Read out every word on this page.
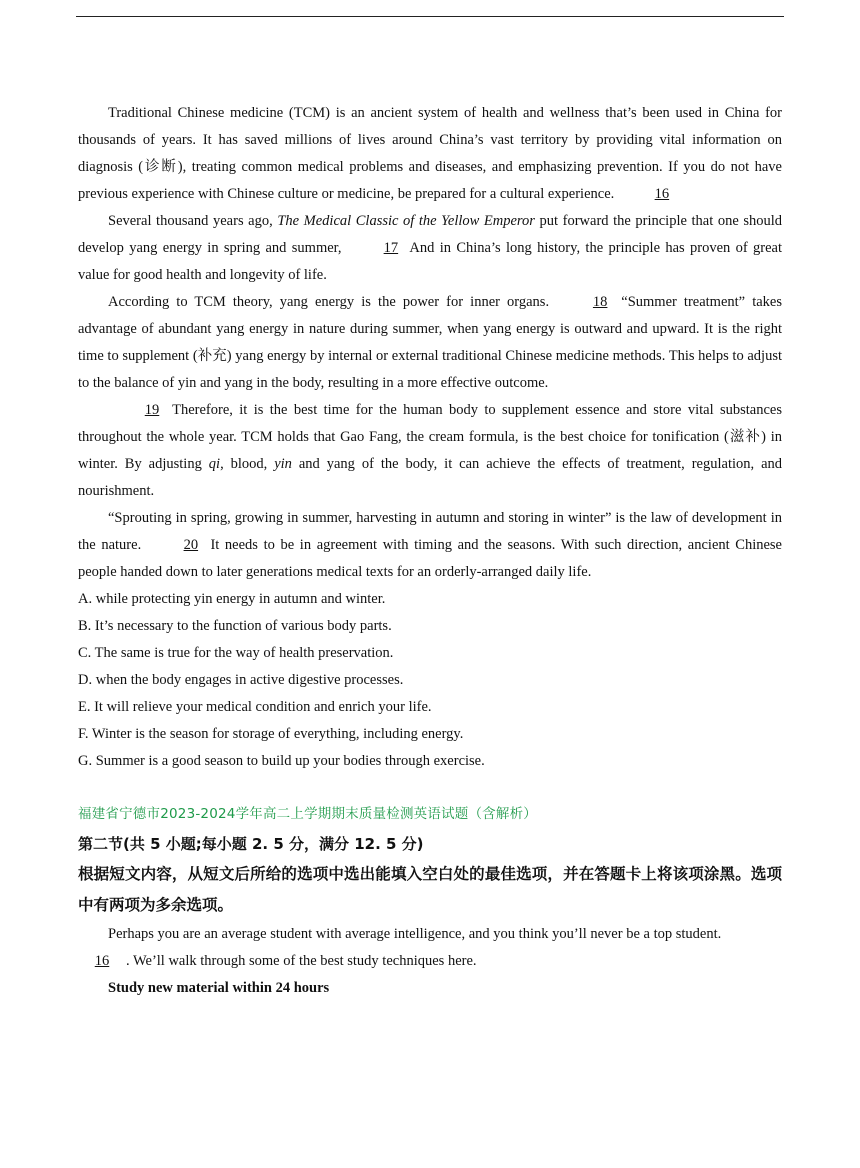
Traditional Chinese medicine (TCM) is an ancient system of health and wellness that’s been used in China for thousands of years. It has saved millions of lives around China’s vast territory by providing vital information on diagnosis (诊断), treating common medical problems and diseases, and emphasizing prevention. If you do not have previous experience with Chinese culture or medicine, be prepared for a cultural experience.	16

Several thousand years ago, The Medical Classic of the Yellow Emperor put forward the principle that one should develop yang energy in spring and summer,	17 And in China’s long history, the principle has proven of great value for good health and longevity of life.

According to TCM theory, yang energy is the power for inner organs.	18 “Summer treatment” takes advantage of abundant yang energy in nature during summer, when yang energy is outward and upward. It is the right time to supplement (补充) yang energy by internal or external traditional Chinese medicine methods. This helps to adjust to the balance of yin and yang in the body, resulting in a more effective outcome.

19 Therefore, it is the best time for the human body to supplement essence and store vital substances throughout the whole year. TCM holds that Gao Fang, the cream formula, is the best choice for tonification (滋补) in winter. By adjusting qi, blood, yin and yang of the body, it can achieve the effects of treatment, regulation, and nourishment.

“Sprouting in spring, growing in summer, harvesting in autumn and storing in winter” is the law of development in the nature.	20 It needs to be in agreement with timing and the seasons. With such direction, ancient Chinese people handed down to later generations medical texts for an orderly-arranged daily life.

A. while protecting yin energy in autumn and winter.

B. It’s necessary to the function of various body parts.

C. The same is true for the way of health preservation.

D. when the body engages in active digestive processes.

E. It will relieve your medical condition and enrich your life.

F. Winter is the season for storage of everything, including energy.

G. Summer is a good season to build up your bodies through exercise.

福建省宁德市2023-2024学年高二上学期期末质量检测英语试题（含解析）
第二节(共 5 小题;每小题 2. 5 分，满分 12. 5 分)
根据短文内容，从短文后所给的选项中选出能填入空白处的最佳选项，并在答题卡上将该项涂黑。选项中有两项为多余选项。

Perhaps you are an average student with average intelligence, and you think you’ll never be a top student.

16 . We’ll walk through some of the best study techniques here.

Study new material within 24 hours
